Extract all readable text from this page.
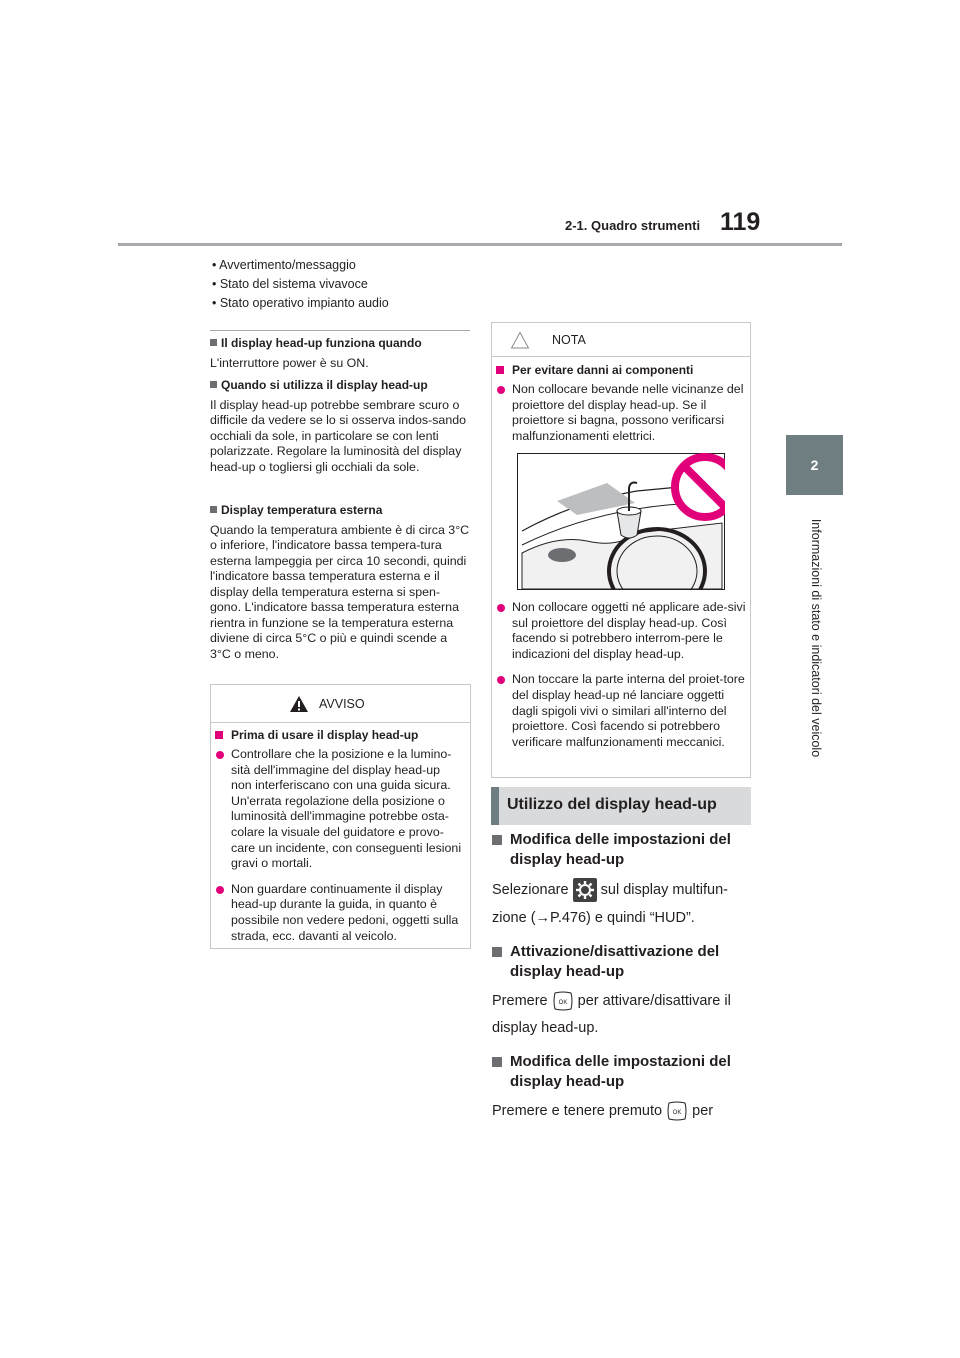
119
2-1. Quadro strumenti
2
Informazioni di stato e indicatori del veicolo
• Avvertimento/messaggio
• Stato del sistema vivavoce
• Stato operativo impianto audio
Il display head-up funziona quando
L'interruttore power è su ON.
Quando si utilizza il display head-up
Il display head-up potrebbe sembrare scuro o difficile da vedere se lo si osserva indos-sando occhiali da sole, in particolare se con lenti polarizzate. Regolare la luminosità del display head-up o togliersi gli occhiali da sole.
Display temperatura esterna
Quando la temperatura ambiente è di circa 3°C o inferiore, l'indicatore bassa tempera-tura esterna lampeggia per circa 10 secondi, quindi l'indicatore bassa temperatura esterna e il display della temperatura esterna si spen-gono. L'indicatore bassa temperatura esterna rientra in funzione se la temperatura esterna diviene di circa 5°C o più e quindi scende a 3°C o meno.
AVVISO
Prima di usare il display head-up
Controllare che la posizione e la lumino-sità dell'immagine del display head-up non interferiscano con una guida sicura. Un'errata regolazione della posizione o luminosità dell'immagine potrebbe osta-colare la visuale del guidatore e provo-care un incidente, con conseguenti lesioni gravi o mortali.
Non guardare continuamente il display head-up durante la guida, in quanto è possibile non vedere pedoni, oggetti sulla strada, ecc. davanti al veicolo.
NOTA
Per evitare danni ai componenti
Non collocare bevande nelle vicinanze del proiettore del display head-up. Se il proiettore si bagna, possono verificarsi malfunzionamenti elettrici.
Non collocare oggetti né applicare ade-sivi sul proiettore del display head-up. Così facendo si potrebbero interrom-pere le indicazioni del display head-up.
Non toccare la parte interna del proiet-tore del display head-up né lanciare oggetti dagli spigoli vivi o similari all'interno del proiettore. Così facendo si potrebbero verificare malfunzionamenti meccanici.
Utilizzo del display head-up
Modifica delle impostazioni del display head-up
Selezionare sul display multifun-
zione (→P.476) e quindi “HUD”.
Attivazione/disattivazione del display head-up
Premere OK per attivare/disattivare il
display head-up.
Modifica delle impostazioni del display head-up
Premere e tenere premuto OK per
